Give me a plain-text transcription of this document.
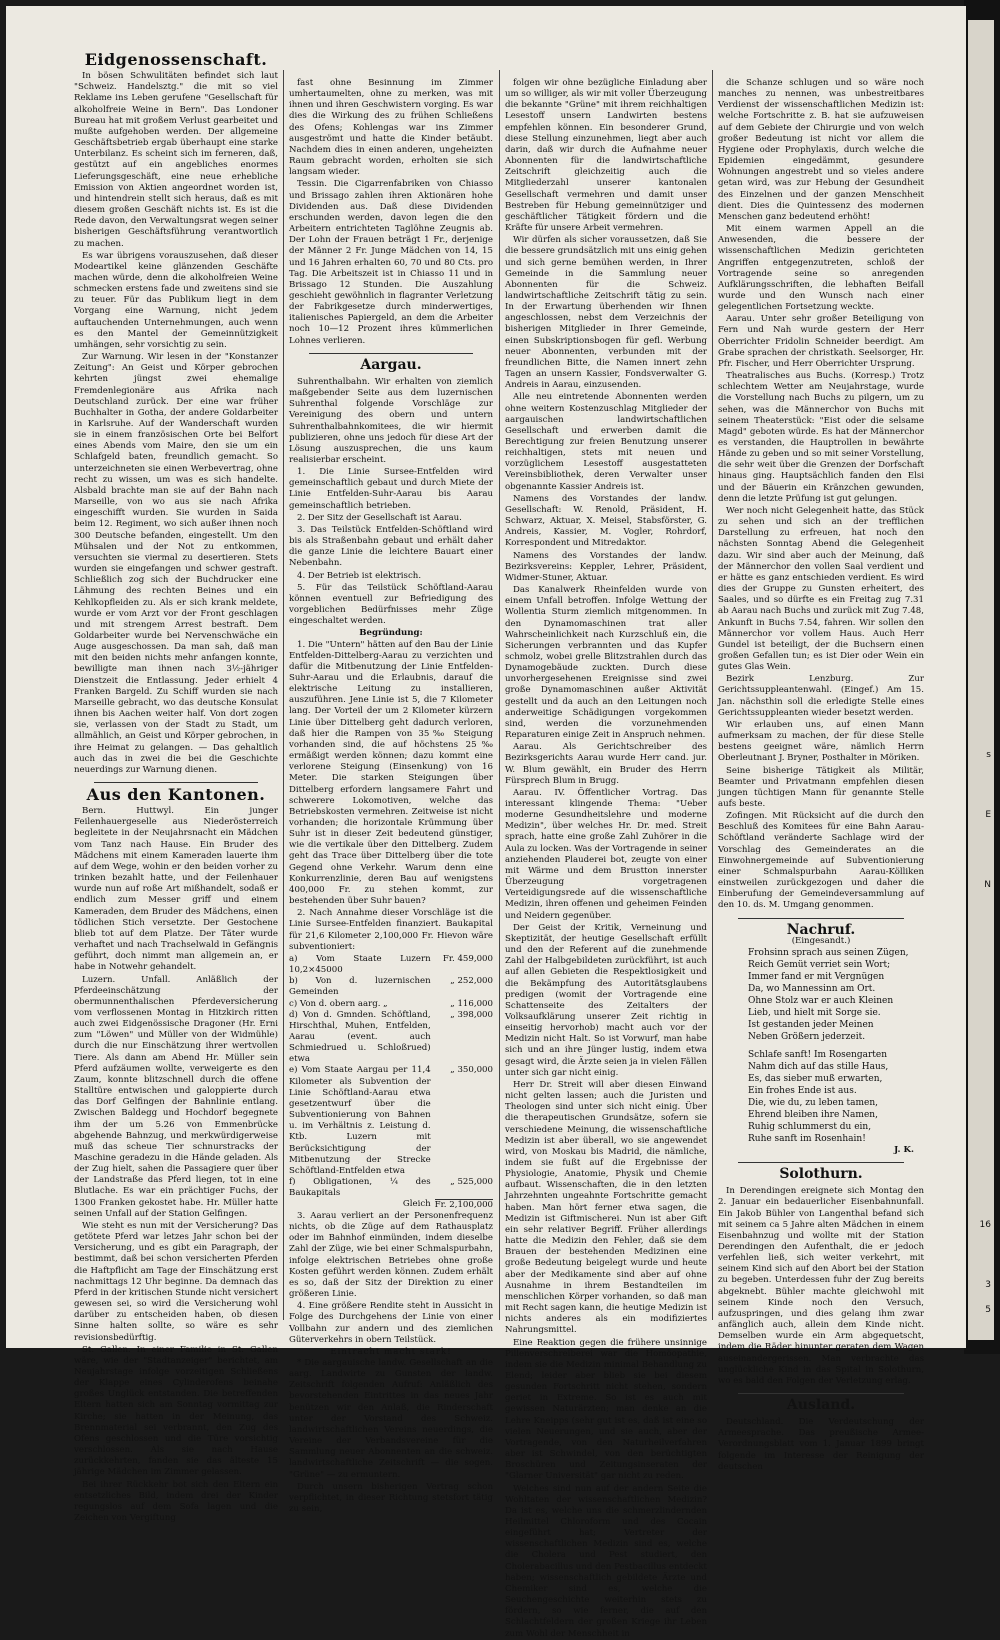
s
E
N
16
3
5
Eidgenossenschaft.

In bösen Schwulitäten befindet sich laut "Schweiz. Handelsztg." die mit so viel Reklame ins Leben gerufene "Gesellschaft für alkoholfreie Weine in Bern". Das Londoner Bureau hat mit großem Verlust gearbeitet und mußte aufgehoben werden. Der allgemeine Geschäftsbetrieb ergab überhaupt eine starke Unterbilanz. Es scheint sich im ferneren, daß, gestützt auf ein angebliches enormes Lieferungsgeschäft, eine neue erhebliche Emission von Aktien angeordnet worden ist, und hintendrein stellt sich heraus, daß es mit diesem großen Geschäft nichts ist. Es ist die Rede davon, den Verwaltungsrat wegen seiner bisherigen Geschäftsführung verantwortlich zu machen.

Es war übrigens vorauszusehen, daß dieser Modeartikel keine glänzenden Geschäfte machen würde, denn die alkoholfreien Weine schmecken erstens fade und zweitens sind sie zu teuer. Für das Publikum liegt in dem Vorgang eine Warnung, nicht jedem auftauchenden Unternehmungen, auch wenn es den Mantel der Gemeinnützigkeit umhängen, sehr vorsichtig zu sein.

Zur Warnung. Wir lesen in der "Konstanzer Zeitung": An Geist und Körper gebrochen kehrten jüngst zwei ehemalige Fremdenlegionäre aus Afrika nach Deutschland zurück. Der eine war früher Buchhalter in Gotha, der andere Goldarbeiter in Karlsruhe. Auf der Wanderschaft wurden sie in einem französischen Orte bei Belfort eines Abends vom Maire, den sie um ein Schlafgeld baten, freundlich gemacht. So unterzeichneten sie einen Werbevertrag, ohne recht zu wissen, um was es sich handelte. Alsbald brachte man sie auf der Bahn nach Marseille, von wo aus sie nach Afrika eingeschifft wurden. Sie wurden in Saida beim 12. Regiment, wo sich außer ihnen noch 300 Deutsche befanden, eingestellt. Um den Mühsalen und der Not zu entkommen, versuchten sie viermal zu desertieren. Stets wurden sie eingefangen und schwer gestraft. Schließlich zog sich der Buchdrucker eine Lähmung des rechten Beines und ein Kehlkopfleiden zu. Als er sich krank meldete, wurde er vom Arzt vor der Front geschlagen und mit strengem Arrest bestraft. Dem Goldarbeiter wurde bei Nervenschwäche ein Auge ausgeschossen. Da man sah, daß man mit den beiden nichts mehr anfangen konnte, bewilligte man ihnen nach 3½-jähriger Dienstzeit die Entlassung. Jeder erhielt 4 Franken Bargeld. Zu Schiff wurden sie nach Marseille gebracht, wo das deutsche Konsulat ihnen bis Aachen weiter half. Von dort zogen sie, verlassen von der Stadt zu Stadt, um allmählich, an Geist und Körper gebrochen, in ihre Heimat zu gelangen. — Das gehaltlich auch das in zwei die bei die Geschichte neuerdings zur Warnung dienen.

Aus den Kantonen.

Bern. Huttwyl. Ein junger Feilenhauergeselle aus Niederösterreich begleitete in der Neujahrsnacht ein Mädchen vom Tanz nach Hause. Ein Bruder des Mädchens mit einem Kameraden lauerte ihm auf dem Wege, wohin er den beiden vorher zu trinken bezahlt hatte, und der Feilenhauer wurde nun auf roße Art mißhandelt, sodaß er endlich zum Messer griff und einem Kameraden, dem Bruder des Mädchens, einen tödlichen Stich versetzte. Der Gestochene blieb tot auf dem Platze. Der Täter wurde verhaftet und nach Trachselwald in Gefängnis geführt, doch nimmt man allgemein an, er habe in Notwehr gehandelt.

Luzern. Unfall. Anläßlich der Pferdeeinschätzung der obermunnenthalischen Pferdeversicherung vom verflossenen Montag in Hitzkirch ritten auch zwei Eidgenössische Dragoner (Hr. Erni zum "Löwen" und Müller von der Widmühle) durch die nur Einschätzung ihrer wertvollen Tiere. Als dann am Abend Hr. Müller sein Pferd aufzäumen wollte, verweigerte es den Zaum, konnte blitzschnell durch die offene Stalltüre entwischen und galoppierte durch das Dorf Gelfingen der Bahnlinie entlang. Zwischen Baldegg und Hochdorf begegnete ihm der um 5.26 von Emmenbrücke abgehende Bahnzug, und merkwürdigerweise muß das scheue Tier schnurstracks der Maschine geradezu in die Hände geladen. Als der Zug hielt, sahen die Passagiere quer über der Landstraße das Pferd liegen, tot in eine Blutlache. Es war ein prächtiger Fuchs, der 1300 Franken gekostet habe. Hr. Müller hatte seinen Unfall auf der Station Gelfingen.

Wie steht es nun mit der Versicherung? Das getötete Pferd war letzes Jahr schon bei der Versicherung, und es gibt ein Paragraph, der bestimmt, daß bei schon versicherten Pferden die Haftpflicht am Tage der Einschätzung erst nachmittags 12 Uhr beginne. Da demnach das Pferd in der kritischen Stunde nicht versichert gewesen sei, so wird die Versicherung wohl darüber zu entscheiden haben, ob diesen Sinne halten sollte, so wäre es sehr revisionsbedürftig.

St. Gallen. In einer Familie in St. Gallen wäre, wie der "Stadtanzeiger" berichtet, am Neujahrstage infolge vorzeitigen Schließens der Klappe eines Cylinderofens beinahe großes Unglück entstanden. Die betreffenden Eltern hatten sich am Sonntag vormittag zur Kirche; sie hatten in der Meinung, das Brennmaterial sei verbrannt, den Zug des Ofens geschlossen und die Türe vorsichtig verschlossen. Als sie nach Hause zurückkehrten, fanden sie das älteste 15 jährige Mädchen im Zimmer gelassen.

Bei ihrer Rückkehr bot sich den Eltern ein entsetzliches Bild, indem drei der Kinder regungslos auf dem Sofa lagen und die Zeichen von Vergiftung

fast ohne Besinnung im Zimmer umhertaumelten, ohne zu merken, was mit ihnen und ihren Geschwistern vorging. Es war dies die Wirkung des zu frühen Schließens des Ofens; Kohlengas war ins Zimmer ausgeströmt und hatte die Kinder betäubt. Nachdem dies in einen anderen, ungeheizten Raum gebracht worden, erholten sie sich langsam wieder.

Tessin. Die Cigarrenfabriken von Chiasso und Brissago zahlen ihren Aktionären hohe Dividenden aus. Daß diese Dividenden erschunden werden, davon legen die den Arbeitern entrichteten Taglöhne Zeugnis ab. Der Lohn der Frauen beträgt 1 Fr., derjenige der Männer 2 Fr. Junge Mädchen von 14, 15 und 16 Jahren erhalten 60, 70 und 80 Cts. pro Tag. Die Arbeitszeit ist in Chiasso 11 und in Brissago 12 Stunden. Die Auszahlung geschieht gewöhnlich in flagranter Verletzung der Fabrikgesetze durch minderwertiges, italienisches Papiergeld, an dem die Arbeiter noch 10—12 Prozent ihres kümmerlichen Lohnes verlieren.

Aargau.

Suhrenthalbahn. Wir erhalten von ziemlich maßgebender Seite aus dem luzernischen Suhrenthal folgende Vorschläge zur Vereinigung des obern und untern Suhrenthalbahnkomitees, die wir hiermit publizieren, ohne uns jedoch für diese Art der Lösung auszusprechen, die uns kaum realisierbar erscheint.

1. Die Linie Sursee-Entfelden wird gemeinschaftlich gebaut und durch Miete der Linie Entfelden-Suhr-Aarau bis Aarau gemeinschaftlich betrieben.

2. Der Sitz der Gesellschaft ist Aarau.

3. Das Teilstück Entfelden-Schöftland wird bis als Straßenbahn gebaut und erhält daher die ganze Linie die leichtere Bauart einer Nebenbahn.

4. Der Betrieb ist elektrisch.

5. Für das Teilstück Schöftland-Aarau können eventuell zur Befriedigung des vorgeblichen Bedürfnisses mehr Züge eingeschaltet werden.

Begründung:

1. Die "Untern" hätten auf den Bau der Linie Entfelden-Dittelberg-Aarau zu verzichten und dafür die Mitbenutzung der Linie Entfelden-Suhr-Aarau und die Erlaubnis, darauf die elektrische Leitung zu installieren, auszuführen. Jene Linie ist 5, die 7 Kilometer lang. Der Vorteil der um 2 Kilometer kürzern Linie über Dittelberg geht dadurch verloren, daß hier die Rampen von 35‰ Steigung vorhanden sind, die auf höchstens 25‰ ermäßigt werden können; dazu kommt eine verlorene Steigung (Einsenkung) von 16 Meter. Die starken Steigungen über Dittelberg erfordern langsamere Fahrt und schwerere Lokomotiven, welche das Betriebskosten vermehren. Zeitweise ist nicht vorhanden; die horizontale Krümmung über Suhr ist in dieser Zeit bedeutend günstiger, wie die vertikale über den Dittelberg. Zudem geht das Trace über Dittelberg über die tote Gegend ohne Verkehr. Warum denn eine Konkurrenzlinie, deren Bau auf wenigstens 400,000 Fr. zu stehen kommt, zur bestehenden über Suhr bauen?

2. Nach Annahme dieser Vorschläge ist die Linie Sursee-Entfelden finanziert. Baukapital für 21,6 Kilometer 2,100,000 Fr. Hievon wäre subventioniert:

a) Vom Staate Luzern 10,2×45000	Fr. 459,000
b) Von d. luzernischen Gemeinden	„ 252,000
c) Von d. obern aarg. „	„ 116,000
d) Von d. Gmnden. Schöftland, Hirschthal, Muhen, Entfelden, Aarau (event. auch Schmiedrued u. Schloßrued) etwa	„ 398,000
e) Vom Staate Aargau per 11,4 Kilometer als Subvention der Linie Schöftland-Aarau etwa gesetzentwurf über die Subventionierung von Bahnen u. im Verhältnis z. Leistung d. Ktb. Luzern mit Berücksichtigung der Mitbenutzung der Strecke Schöftland-Entfelden etwa	„ 350,000
f) Obligationen, ¼ des Baukapitals	„ 525,000
Gleich	Fr. 2,100,000

3. Aarau verliert an der Personenfrequenz nichts, ob die Züge auf dem Rathausplatz oder im Bahnhof einmünden, indem dieselbe Zahl der Züge, wie bei einer Schmalspurbahn, infolge elektrischen Betriebes ohne große Kosten geführt werden können. Zudem erhält es so, daß der Sitz der Direktion zu einer größeren Linie.

4. Eine größere Rendite steht in Aussicht in Folge des Durchgehens der Linie von einer Vollbahn zur andern und des ziemlichen Güterverkehrs in obern Teilstück.

Eintracht macht stark!

* Die aargauische landw. Gesellschaft an die aarg. Landwirte zu Gunsten der landw. Zeitschrift folgenden Aufruf: Anläßlich des bevorstehenden Eintrittes in das neues Jahr benützen wir den Anlaß, die Rinderschaft unter der Vorstand des Schweiz. landwirtschaftlichen Vereins neuerdings, die Vereine der Verbandsvereine für die Sammlung neuer Abonnenten an die schweiz. landwirtschaftliche Zeitschrift — die sogen. "Grüne" — zu ermuntern.

Durch unsern bisherigen Vertrag schon verpflichtet, in dieser Richtung stetsfort tätig zu sein,

folgen wir ohne bezügliche Einladung aber um so williger, als wir mit voller Überzeugung die bekannte "Grüne" mit ihrem reichhaltigen Lesestoff unsern Landwirten bestens empfehlen können. Ein besonderer Grund, diese Stellung einzunehmen, liegt aber auch darin, daß wir durch die Aufnahme neuer Abonnenten für die landwirtschaftliche Zeitschrift gleichzeitig auch die Mitgliederzahl unserer kantonalen Gesellschaft vermehren und damit unser Bestreben für Hebung gemeinnütziger und geschäftlicher Tätigkeit fördern und die Kräfte für unsere Arbeit vermehren.

Wir dürfen als sicher voraussetzen, daß Sie die bessere grundsätzlich mit uns einig gehen und sich gerne bemühen werden, in Ihrer Gemeinde in die Sammlung neuer Abonnenten für die Schweiz. landwirtschaftliche Zeitschrift tätig zu sein. In der Erwartung überhenden wir Ihnen angeschlossen, nebst dem Verzeichnis der bisherigen Mitglieder in Ihrer Gemeinde, einen Subskriptionsbogen für gefl. Werbung neuer Abonnenten, verbunden mit der freundlichen Bitte, die Namen innert zehn Tagen an unsern Kassier, Fondsverwalter G. Andreis in Aarau, einzusenden.

Alle neu eintretende Abonnenten werden ohne weitern Kostenzuschlag Mitglieder der aargauischen landwirtschaftlichen Gesellschaft und erwerben damit die Berechtigung zur freien Benutzung unserer reichhaltigen, stets mit neuen und vorzüglichem Lesestoff ausgestatteten Vereinsbibliothek, deren Verwalter unser obgenannte Kassier Andreis ist.

Namens des Vorstandes der landw. Gesellschaft: W. Renold, Präsident, H. Schwarz, Aktuar, X. Meisel, Stabsförster, G. Andreis, Kassier, M. Vogler, Rohrdorf, Korrespondent und Mitredaktor.

Namens des Vorstandes der landw. Bezirksvereins: Keppler, Lehrer, Präsident, Widmer-Stuner, Aktuar.

Das Kanalwerk Rheinfelden wurde von einem Unfall betroffen. Infolge Wettung der Wollentia Sturm ziemlich mitgenommen. In den Dynamomaschinen trat aller Wahrscheinlichkeit nach Kurzschluß ein, die Sicherungen verbrannten und das Kupfer schmolz, wobei grelle Blitzstrahlen durch das Dynamogebäude zuckten. Durch diese unvorhergesehenen Ereignisse sind zwei große Dynamomaschinen außer Aktivität gestellt und da auch an den Leitungen noch anderweitige Schädigungen vorgekommen sind, werden die vorzunehmenden Reparaturen einige Zeit in Anspruch nehmen.

Aarau. Als Gerichtschreiber des Bezirksgerichts Aarau wurde Herr cand. jur. W. Blum gewählt, ein Bruder des Herrn Fürsprech Blum in Brugg.

Aarau. IV. Öffentlicher Vortrag. Das interessant klingende Thema: "Ueber moderne Gesundheitslehre und moderne Medizin", über welches Hr. Dr. med. Streit sprach, hatte eine große Zahl Zuhörer in die Aula zu locken. Was der Vortragende in seiner anziehenden Plauderei bot, zeugte von einer mit Wärme und dem Brustton innerster Überzeugung vorgetragenen Verteidigungsrede auf die wissenschaftliche Medizin, ihren offenen und geheimen Feinden und Neidern gegenüber.

Der Geist der Kritik, Verneinung und Skeptizität, der heutige Gesellschaft erfüllt und den der Referent auf die zunehmende Zahl der Halbgebildeten zurückführt, ist auch auf allen Gebieten die Respektlosigkeit und die Bekämpfung des Autoritätsglaubens predigen (womit der Vortragende eine Schattenseite des Zeitalters der Volksaufklärung unserer Zeit richtig in einseitig hervorhob) macht auch vor der Medizin nicht Halt. So ist Vorwurf, man habe sich und an ihre Jünger lustig, indem etwa gesagt wird, die Ärzte seien ja in vielen Fällen unter sich gar nicht einig.

Herr Dr. Streit will aber diesen Einwand nicht gelten lassen; auch die Juristen und Theologen sind unter sich nicht einig. Über die therapeutischen Grundsätze, sofern sie verschiedene Meinung, die wissenschaftliche Medizin ist aber überall, wo sie angewendet wird, von Moskau bis Madrid, die nämliche, indem sie fußt auf die Ergebnisse der Physiologie, Anatomie, Physik und Chemie aufbaut. Wissenschaften, die in den letzten Jahrzehnten ungeahnte Fortschritte gemacht haben. Man hört ferner etwa sagen, die Medizin ist Giftmischerei. Nun ist aber Gift ein sehr relativer Begriff. Früher allerdings hatte die Medizin den Fehler, daß sie dem Brauen der bestehenden Medizinen eine große Bedeutung beigelegt wurde und heute aber der Medikamente sind aber auf ohne Ausnahme in ihrem Bestandteilen im menschlichen Körper vorhanden, so daß man mit Recht sagen kann, die heutige Medizin ist nichts anderes als ein modifiziertes Nahrungsmittel.

Eine Reaktion gegen die frühere unsinnige Pillenverschreiberei war die Homöopathie, indem sie die Medizin minimal Behandlung zu Elend; leider aber blieb sie bei diesem gesunden Fortschritt nicht stehen, sondern geriet in Extreme. So ist es auch mit gewissen Naturärzten; man denke an die Lehre Kneipps (sehr gut ist es, daß ist eine so vielen Neuerungen, und sie auch, aber der Vortragende, von den Naturheilverfahren aber ist Schwindel, von den berüchtigten Broschüren und Zeitungsinseraten der "Glarner Universität" gar nicht zu reden.

Welches sind nun auf der andern Seite die Wohltaten der wissenschaftlichen Medizin? Da ist es, welche uns die schmerzlindernden Heilmittel Chloroform und des Cocain eingeführt hat; Vertreter der wissenschaftlichen Medizin sind es, welche die Cholera und Pest studiert, den Cholerabacillus und den Pestbacillus entdeckt haben; wissenschaftlich gebildete Ärzte und Chemiker sind es, welche die Seuchengeschichte weiterhin stets zu fördern, so wie ferner, die auf den Schlachtfeldern der großen Kriege ihr Leben zum Wohl der Menschheit in

die Schanze schlugen und so wäre noch manches zu nennen, was unbestreitbares Verdienst der wissenschaftlichen Medizin ist: welche Fortschritte z. B. hat sie aufzuweisen auf dem Gebiete der Chirurgie und von welch großer Bedeutung ist nicht vor allem die Hygiene oder Prophylaxis, durch welche die Epidemien eingedämmt, gesundere Wohnungen angestrebt und so vieles andere getan wird, was zur Hebung der Gesundheit des Einzelnen und der ganzen Menschheit dient. Dies die Quintessenz des modernen Menschen ganz bedeutend erhöht!

Mit einem warmen Appell an die Anwesenden, die bessere der wissenschaftlichen Medizin gerichteten Angriffen entgegenzutreten, schloß der Vortragende seine so anregenden Aufklärungsschriften, die lebhaften Beifall wurde und den Wunsch nach einer gelegentlichen Fortsetzung weckte.

Aarau. Unter sehr großer Beteiligung von Fern und Nah wurde gestern der Herr Oberrichter Fridolin Schneider beerdigt. Am Grabe sprachen der christkath. Seelsorger, Hr. Pfr. Fischer, und Herr Oberrichter Ursprung.

Theatralisches aus Buchs. (Korresp.) Trotz schlechtem Wetter am Neujahrstage, wurde die Vorstellung nach Buchs zu pilgern, um zu sehen, was die Männerchor von Buchs mit seinem Theaterstück: "Eist oder die selsame Magd" geboten würde. Es hat der Männerchor es verstanden, die Hauptrollen in bewährte Hände zu geben und so mit seiner Vorstellung, die sehr weit über die Grenzen der Dorfschaft hinaus ging. Hauptsächlich fanden den Elsi und der Bäuerin ein Kränzchen gewunden, denn die letzte Prüfung ist gut gelungen.

Wer noch nicht Gelegenheit hatte, das Stück zu sehen und sich an der trefflichen Darstellung zu erfreuen, hat noch den nächsten Sonntag Abend die Gelegenheit dazu. Wir sind aber auch der Meinung, daß der Männerchor den vollen Saal verdient und er hätte es ganz entschieden verdient. Es wird dies der Gruppe zu Gunsten erheitert, des Saales, und so dürfte es ein Freitag zug 7.31 ab Aarau nach Buchs und zurück mit Zug 7.48, Ankunft in Buchs 7.54, fahren. Wir sollen den Männerchor vor vollem Haus. Auch Herr Gundel ist beteiligt, der die Buchsern einen großen Gefallen tun; es ist Dier oder Wein ein gutes Glas Wein.

Bezirk Lenzburg. Zur Gerichtssuppleantenwahl. (Eingef.) Am 15. Jan. nächsthin soll die erledigte Stelle eines Gerichtssuppleanten wieder besetzt werden.

Wir erlauben uns, auf einen Mann aufmerksam zu machen, der für diese Stelle bestens geeignet wäre, nämlich Herrn Oberleutnant J. Bryner, Posthalter in Möriken.

Seine bisherige Tätigkeit als Militär, Beamter und Privatmann empfehlen diesen jungen tüchtigen Mann für genannte Stelle aufs beste.

Zofingen. Mit Rücksicht auf die durch den Beschluß des Komitees für eine Bahn Aarau-Schöftland veränderte Sachlage wird der Vorschlag des Gemeinderates an die Einwohnergemeinde auf Subventionierung einer Schmalspurbahn Aarau-Kölliken einstweilen zurückgezogen und daher die Einberufung der Gemeindeversammlung auf den 10. ds. M. Umgang genommen.

Nachruf.
(Eingesandt.)
Frohsinn sprach aus seinen Zügen,
Reich Gemüt verriet sein Wort;
Immer fand er mit Vergnügen
Da, wo Mannessinn am Ort.
Ohne Stolz war er auch Kleinen
Lieb, und hielt mit Sorge sie.
Ist gestanden jeder Meinen
Neben Größern jederzeit.
Schlafe sanft! Im Rosengarten
Nahm dich auf das stille Haus,
Es, das sieber muß erwarten,
Ein frohes Ende ist aus.
Die, wie du, zu leben tamen,
Ehrend bleiben ihre Namen,
Ruhig schlummerst du ein,
Ruhe sanft im Rosenhain!
J. K.
Solothurn.

In Derendingen ereignete sich Montag den 2. Januar ein bedauerlicher Eisenbahnunfall. Ein Jakob Bühler von Langenthal befand sich mit seinem ca 5 Jahre alten Mädchen in einem Eisenbahnzug und wollte mit der Station Derendingen den Aufenthalt, die er jedoch verfehlen ließ, sich weiter verkehrt, mit seinem Kind sich auf den Abort bei der Station zu begeben. Unterdessen fuhr der Zug bereits abgeknebt. Bühler machte gleichwohl mit seinem Kinde noch den Versuch, aufzuspringen, und dies gelang ihm zwar anfänglich auch, allein dem Kinde nicht. Demselben wurde ein Arm abgequetscht, indem die Räder hinunter geraten dem Wagen auseinandergerissen. Man verbrachte das unglückliche Kind in das Spital in Solothurn, wo es bald den Folgen der Verletzung erlag.

Ausland.

Deutschland. Die Verdeutschung der Armeesprache. Das preußische Armee-Verordnungsblatt vom 1. Januar 1899 bringt folgende im Interesse der Reinigung der deutschen
